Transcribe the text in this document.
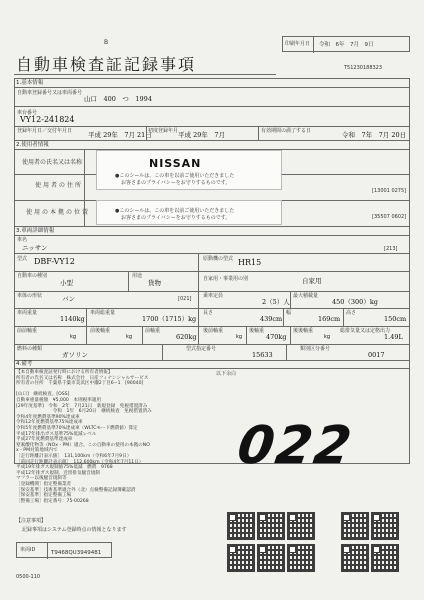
B
自動車検査証記録事項
印刷年月日 令和　6年　7月　9日
T51230188323
1.基本情報
自動車登録番号又は車両番号
山口　400　つ　1994
車台番号
VY12-241824
登録年月日／交付年月日 平成 29年　7月 21日
初度登録年月 平成 29年　7月	有効期間の満了する日	令和　7年　7月 20日
2.使用者情報
使用者の氏名又は名称
使用者の住所
[13001 0275]
使用の本拠の位置
[35507 0602]
NISSAN
●このシールは、この車を以前ご使用いただきました
お客さまのプライバシーをお守りするものです。
●このシールは、この車を以前ご使用いただきました
お客さまのプライバシーをお守りするものです。
3.車両詳細情報
車名
ニッサン	[213]
型式 DBF-VY12	原動機の型式 HR15
自動車の種別
小型
用途
貨物	自家用・事業用の別	自家用
車体の形状	バン	[021] 乗車定員
2（5）人
最大積載量
450（300）kg
車両重量
1140kg
車両総重量
1700（1715）kg
長さ
439cm
幅
169cm
高さ
150cm
前前軸重
kg
前後軸重
kg
前軸重
620kg
後前軸重
kg
後軸重
470kg
後後軸重
kg
総排気量又は定格出力
1.49L
燃料の種類
ガソリン
型式指定番号
15633
類別区分番号
0017
4.備考
【本自動車検査証発行時における所有者情報】
所有者の氏名又は名称　株式会社　日産フィナンシャルサービス
所有者の住所　千葉県千葉市美浜区中瀬2丁目6−1　[90040]
[山口]　継続検査。[OSS]
自動車重量税額　¥5,000　本則税率適用
[29年度基準]　令和　2年　7月21日　新規登録　免税措置済み
　　　　　　　　令和　1年　6月20日　継続検査　免税措置済み
令和4年度燃費基準90%達成車
令和12年度燃費基準75%達成車
令和5年度燃費基準70%達成車（WLTCモード燃費値）算定
平成17年排出ガス基準75%低減レベル
平成27年度燃費基準達成車
窒素酸化物等（NOx・PM）適合。この自動車の使用の本拠のNO
x・PM対策地域内で
［走行距離計表示値］　131,100km（令和6年7月9日）
［前回走行距離計表示値］　112,600km（令和4年7月11日）
平成19年排ガス規制値75%低減　燃費　9768
平成12年排ガス規制、近傍排気騒音規制
マフラー以後騒音規制等
［登録機関］指定整備業者
［保安基準］技術基準適合外（北）点検整備記録簿確認済
［保安基準］指定整備工場
［整備工場］指定番号：75-00268
以下余白
022
【注意事項】
記録事項はシステム登録時点の情報となります
車両ID	T9468QU3949481
0500-110
